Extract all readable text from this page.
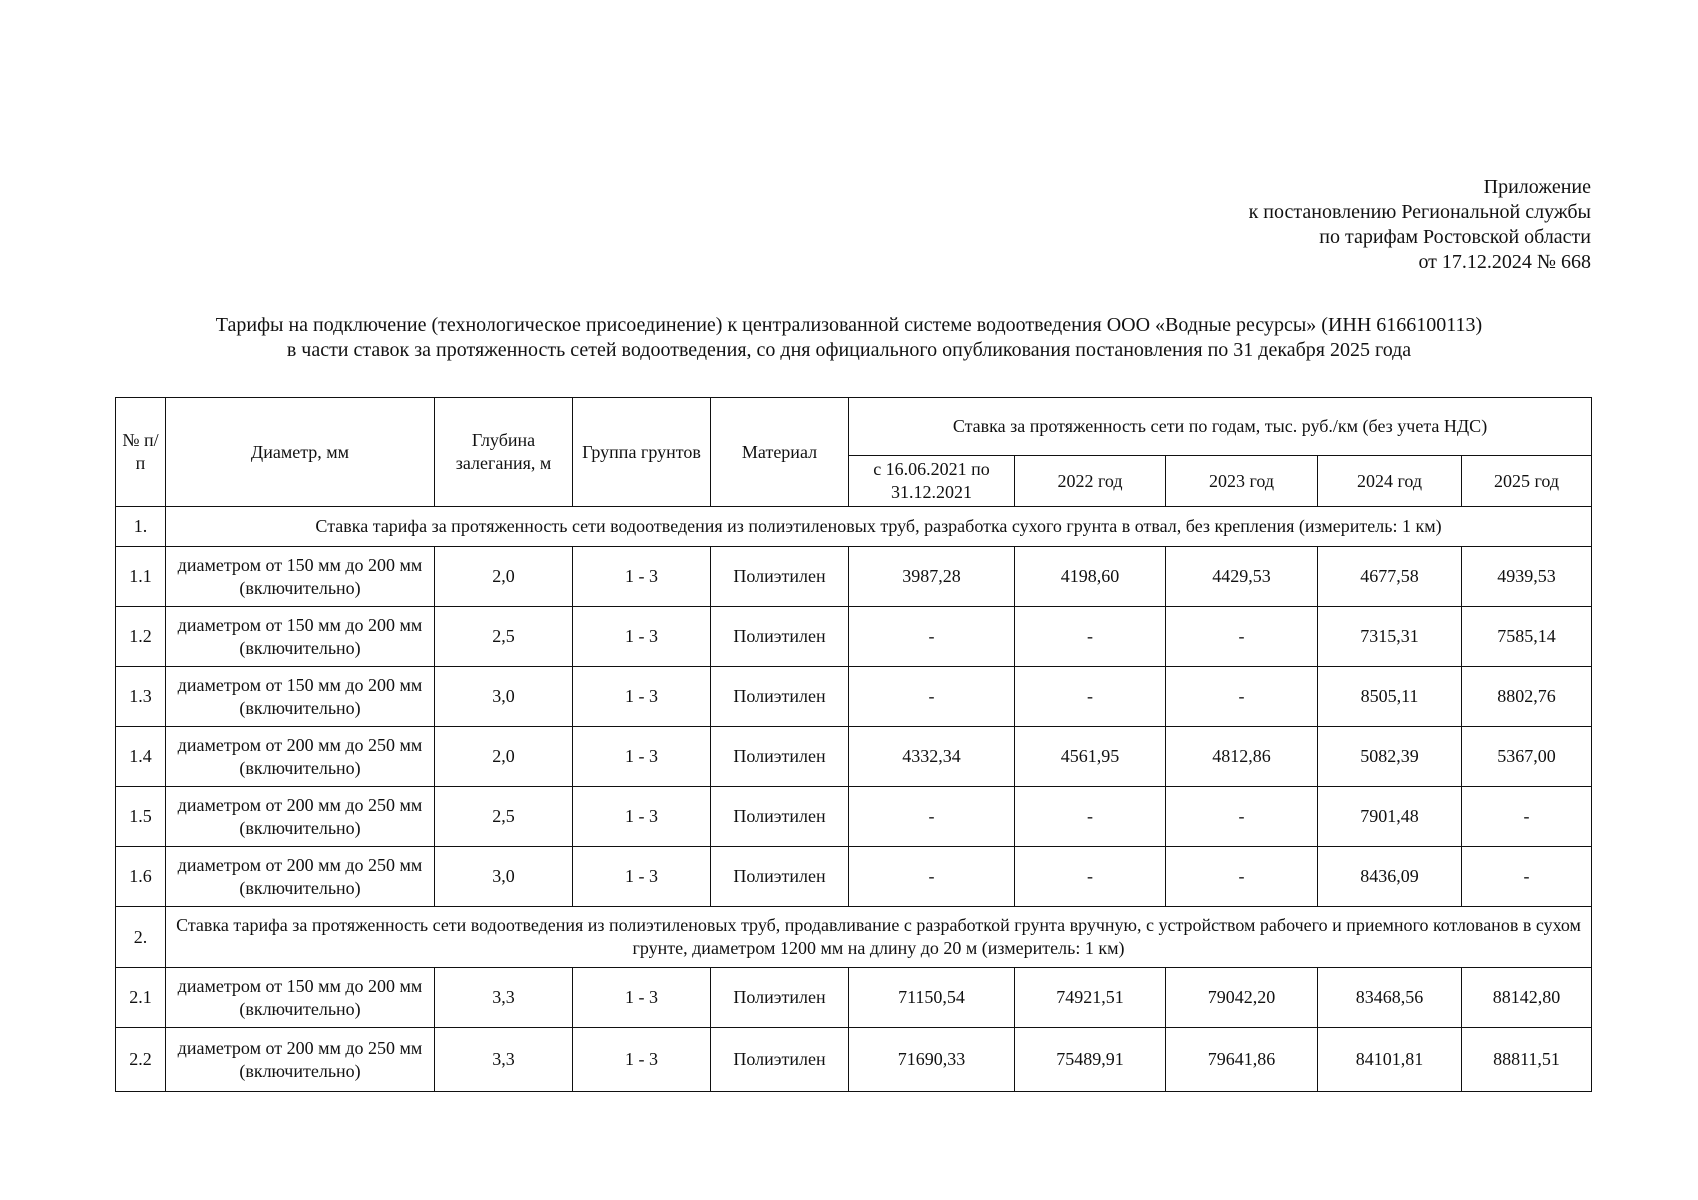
Приложение
к постановлению Региональной службы
по тарифам Ростовской области
от 17.12.2024 № 668
Тарифы на подключение (технологическое присоединение) к централизованной системе водоотведения ООО «Водные ресурсы» (ИНН 6166100113)
в части ставок за протяженность сетей водоотведения, со дня официального опубликования постановления по 31 декабря 2025 года
№ п/п	Диаметр, мм	Глубина залегания, м	Группа грунтов	Материал	Ставка за протяженность сети по годам, тыс. руб./км (без учета НДС)				
					с 16.06.2021 по 31.12.2021	2022 год	2023 год	2024 год	2025 год
1.	Ставка тарифа за протяженность сети водоотведения из полиэтиленовых труб, разработка сухого грунта в отвал, без крепления (измеритель: 1 км)								
1.1	диаметром от 150 мм до 200 мм (включительно)	2,0	1 - 3	Полиэтилен	3987,28	4198,60	4429,53	4677,58	4939,53
1.2	диаметром от 150 мм до 200 мм (включительно)	2,5	1 - 3	Полиэтилен	-	-	-	7315,31	7585,14
1.3	диаметром от 150 мм до 200 мм (включительно)	3,0	1 - 3	Полиэтилен	-	-	-	8505,11	8802,76
1.4	диаметром от 200 мм до 250 мм (включительно)	2,0	1 - 3	Полиэтилен	4332,34	4561,95	4812,86	5082,39	5367,00
1.5	диаметром от 200 мм до 250 мм (включительно)	2,5	1 - 3	Полиэтилен	-	-	-	7901,48	-
1.6	диаметром от 200 мм до 250 мм (включительно)	3,0	1 - 3	Полиэтилен	-	-	-	8436,09	-
2.	Ставка тарифа за протяженность сети водоотведения из полиэтиленовых труб, продавливание с разработкой грунта вручную, с устройством рабочего и приемного котлованов в сухом грунте, диаметром 1200 мм на длину до 20 м (измеритель: 1 км)								
2.1	диаметром от 150 мм до 200 мм (включительно)	3,3	1 - 3	Полиэтилен	71150,54	74921,51	79042,20	83468,56	88142,80
2.2	диаметром от 200 мм до 250 мм (включительно)	3,3	1 - 3	Полиэтилен	71690,33	75489,91	79641,86	84101,81	88811,51
